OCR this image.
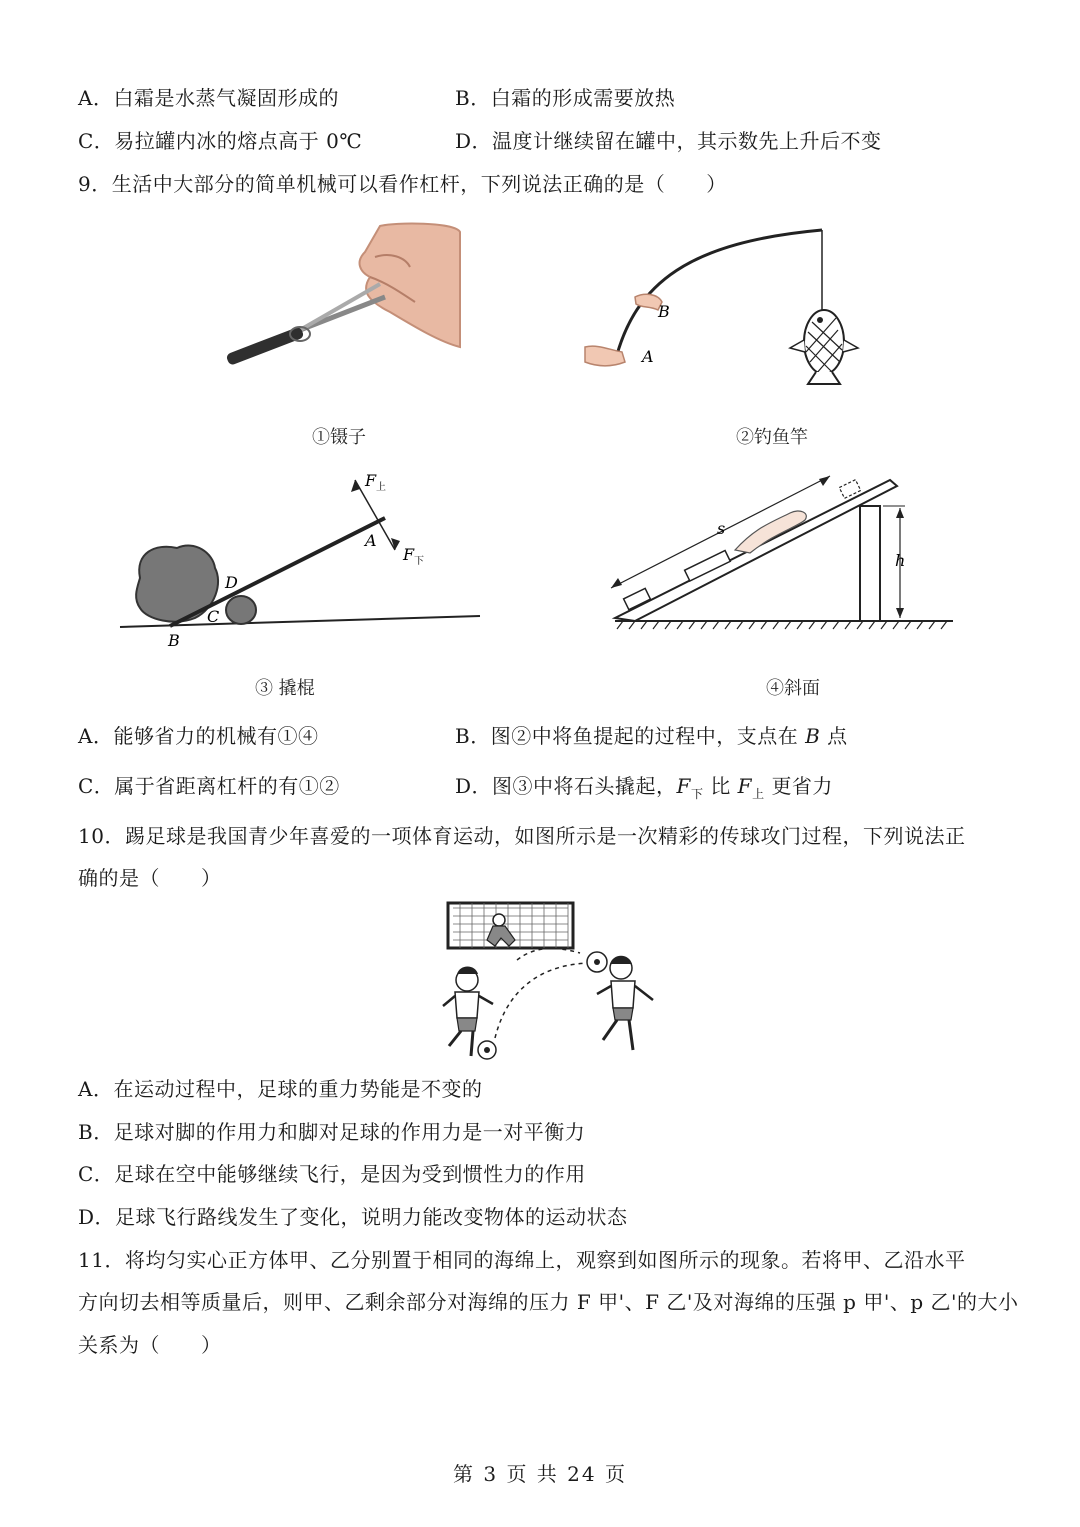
A．白霜是水蒸气凝固形成的	B．白霜的形成需要放热
C．易拉罐内冰的熔点高于 0℃	D．温度计继续留在罐中，其示数先上升后不变
9．生活中大部分的简单机械可以看作杠杆，下列说法正确的是（　　）
①镊子
B
A
②钓鱼竿
F 上
A
F 下
D
C
B
③ 撬棍
h
s
④斜面
A．能够省力的机械有①④	B．图②中将鱼提起的过程中，支点在 B 点
C．属于省距离杠杆的有①②	D．图③中将石头撬起，$F_下$ 比 $F_上$ 更省力
10．踢足球是我国青少年喜爱的一项体育运动，如图所示是一次精彩的传球攻门过程，下列说法正
确的是（　　）
A．在运动过程中，足球的重力势能是不变的
B．足球对脚的作用力和脚对足球的作用力是一对平衡力
C．足球在空中能够继续飞行，是因为受到惯性力的作用
D．足球飞行路线发生了变化，说明力能改变物体的运动状态
11．将均匀实心正方体甲、乙分别置于相同的海绵上，观察到如图所示的现象。若将甲、乙沿水平
方向切去相等质量后，则甲、乙剩余部分对海绵的压力 F 甲'、F 乙'及对海绵的压强 p 甲'、p 乙'的大小
关系为（　　）
第 3 页 共 24 页
